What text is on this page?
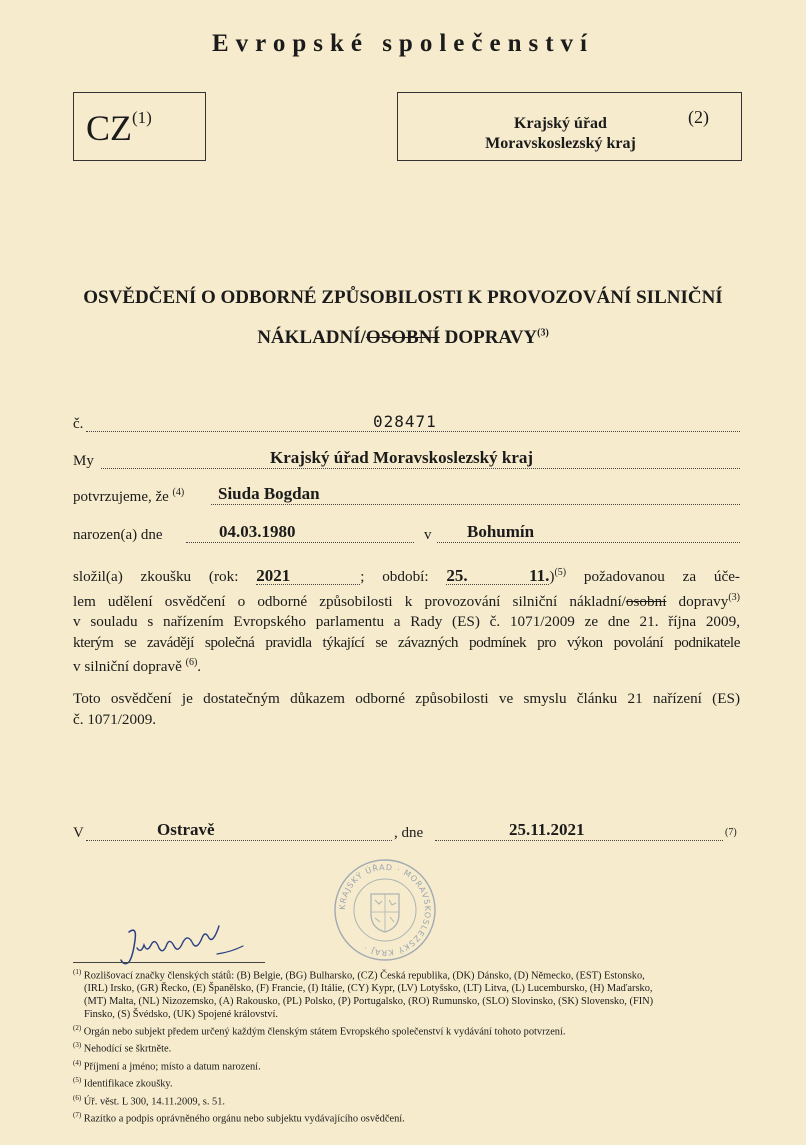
Evropské společenství
CZ$^{(1)}$	Krajský úřad
Moravskoslezský kraj
(2)
OSVĚDČENÍ O ODBORNÉ ZPŮSOBILOSTI K PROVOZOVÁNÍ SILNIČNÍ
NÁKLADNÍ/OSOBNÍ DOPRAVY$^{(3)}$
č.	028471
My	Krajský úřad Moravskoslezský kraj
potvrzujeme, že $^{(4)}$ Siuda Bogdan
narozen(a) dne	04.03.1980	v Bohumín
složil(a) zkoušku (rok: 2021	; období: 25. 11.)$^{(5)}$ požadovanou za úče-
lem udělení osvědčení o odborné způsobilosti k provozování silniční nákladní/osobní dopravy$^{(3)}$
v souladu s nařízením Evropského parlamentu a Rady (ES) č. 1071/2009 ze dne 21. října 2009,
kterým se zavádějí společná pravidla týkající se závazných podmínek pro výkon povolání podnikatele
v silniční dopravě $^{(6)}$.
Toto osvědčení je dostatečným důkazem odborné způsobilosti ve smyslu článku 21 nařízení (ES)
č. 1071/2009.
V	Ostravě	, dne	25.11.2021	(7)
KRAJSKÝ ÚŘAD · MORAVSKOSLEZSKÝ KRAJ ·
$^{(1)}$ Rozlišovací značky členských států: (B) Belgie, (BG) Bulharsko, (CZ) Česká republika, (DK) Dánsko, (D) Německo, (EST) Estonsko,
(IRL) Irsko, (GR) Řecko, (E) Španělsko, (F) Francie, (I) Itálie, (CY) Kypr, (LV) Lotyšsko, (LT) Litva, (L) Lucembursko, (H) Maďarsko,
(MT) Malta, (NL) Nizozemsko, (A) Rakousko, (PL) Polsko, (P) Portugalsko, (RO) Rumunsko, (SLO) Slovinsko, (SK) Slovensko, (FIN)
Finsko, (S) Švédsko, (UK) Spojené království.
$^{(2)}$ Orgán nebo subjekt předem určený každým členským státem Evropského společenství k vydávání tohoto potvrzení.
$^{(3)}$ Nehodící se škrtněte.
$^{(4)}$ Příjmení a jméno; místo a datum narození.
$^{(5)}$ Identifikace zkoušky.
$^{(6)}$ Úř. věst. L 300, 14.11.2009, s. 51.
$^{(7)}$ Razítko a podpis oprávněného orgánu nebo subjektu vydávajícího osvědčení.
